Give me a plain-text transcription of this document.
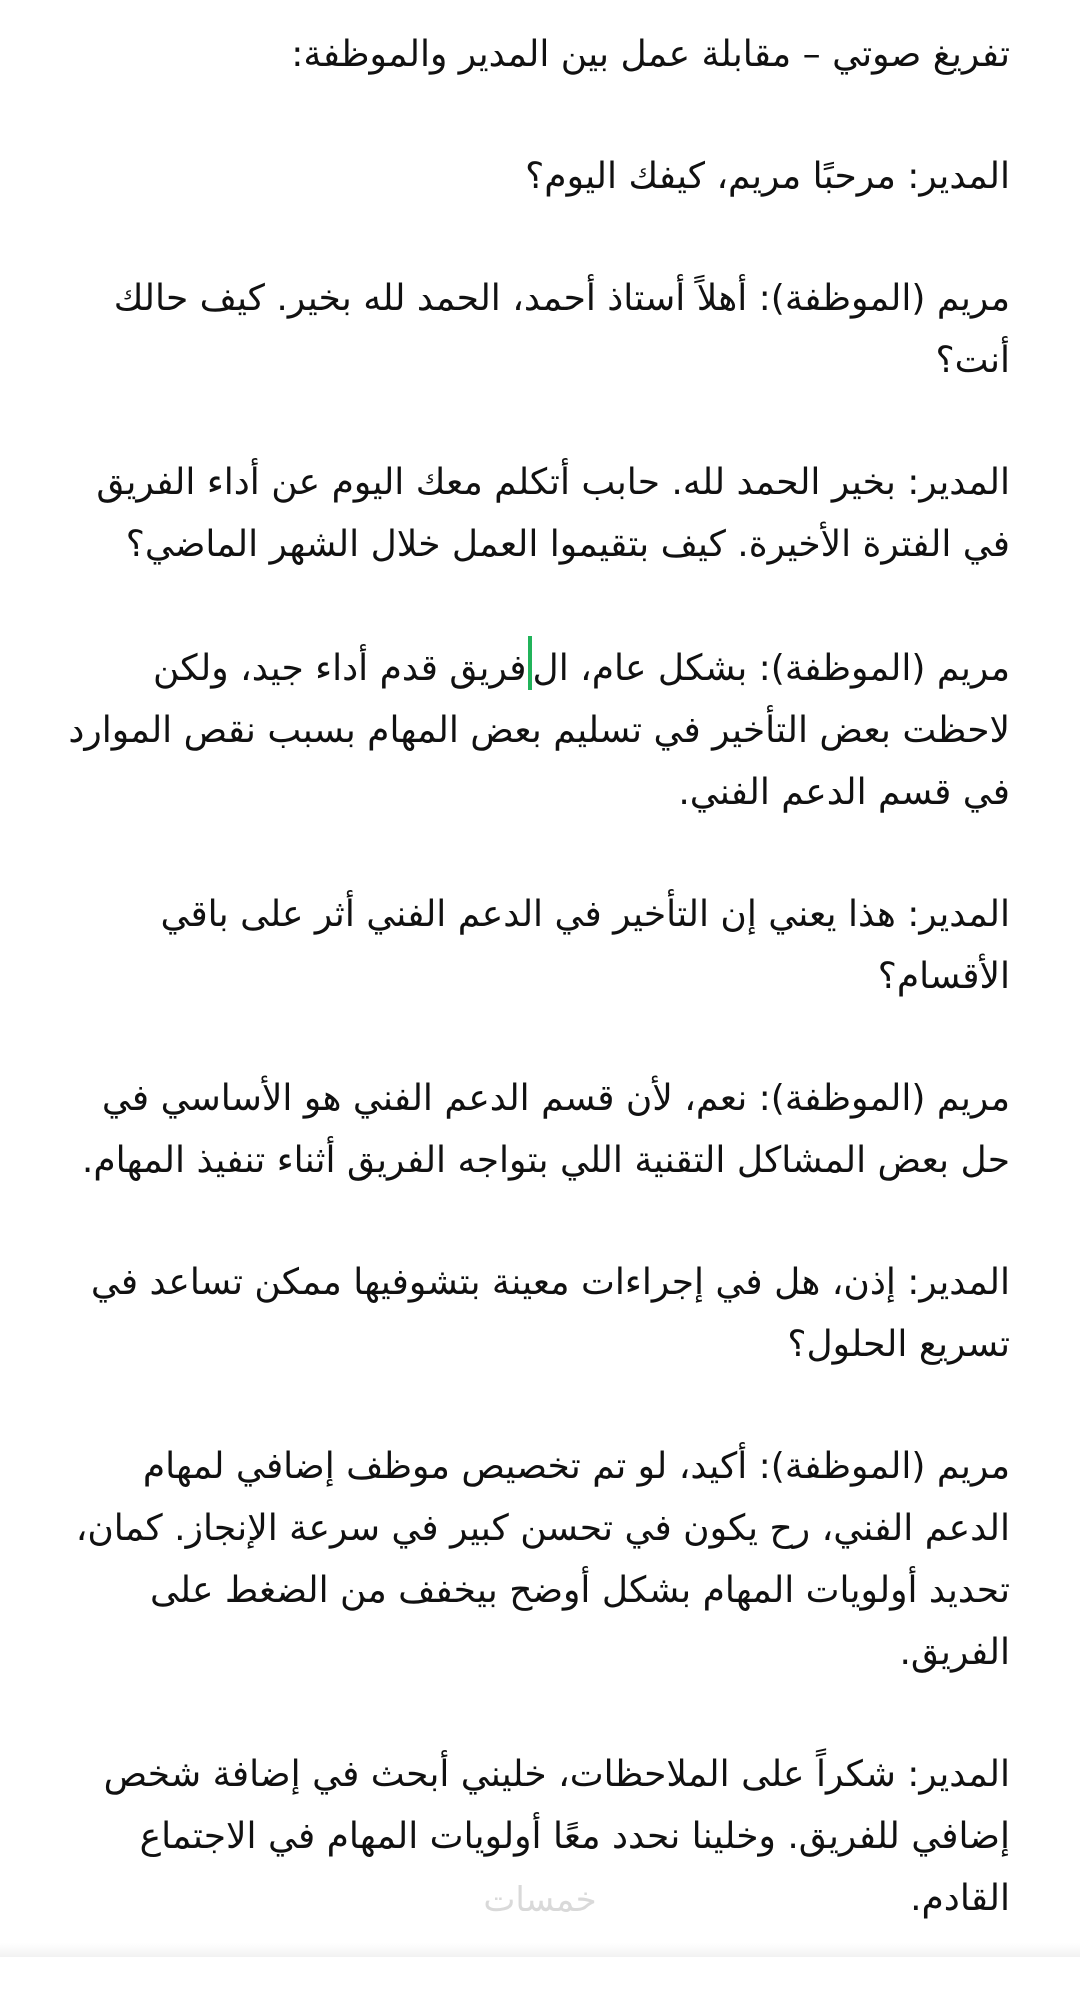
تفريغ صوتي – مقابلة عمل بين المدير والموظفة:

المدير: مرحبًا مريم، كيفك اليوم؟

مريم (الموظفة): أهلاً أستاذ أحمد، الحمد لله بخير. كيف حالك أنت؟

المدير: بخير الحمد لله. حابب أتكلم معك اليوم عن أداء الفريق في الفترة الأخيرة. كيف بتقيموا العمل خلال الشهر الماضي؟

مريم (الموظفة): بشكل عام، الفريق قدم أداء جيد، ولكن لاحظت بعض التأخير في تسليم بعض المهام بسبب نقص الموارد في قسم الدعم الفني.

المدير: هذا يعني إن التأخير في الدعم الفني أثر على باقي الأقسام؟

مريم (الموظفة): نعم، لأن قسم الدعم الفني هو الأساسي في حل بعض المشاكل التقنية اللي بتواجه الفريق أثناء تنفيذ المهام.

المدير: إذن، هل في إجراءات معينة بتشوفيها ممكن تساعد في تسريع الحلول؟

مريم (الموظفة): أكيد، لو تم تخصيص موظف إضافي لمهام الدعم الفني، رح يكون في تحسن كبير في سرعة الإنجاز. كمان، تحديد أولويات المهام بشكل أوضح بيخفف من الضغط على الفريق.

المدير: شكراً على الملاحظات، خليني أبحث في إضافة شخص إضافي للفريق. وخلينا نحدد معًا أولويات المهام في الاجتماع القادم.

خمسات
